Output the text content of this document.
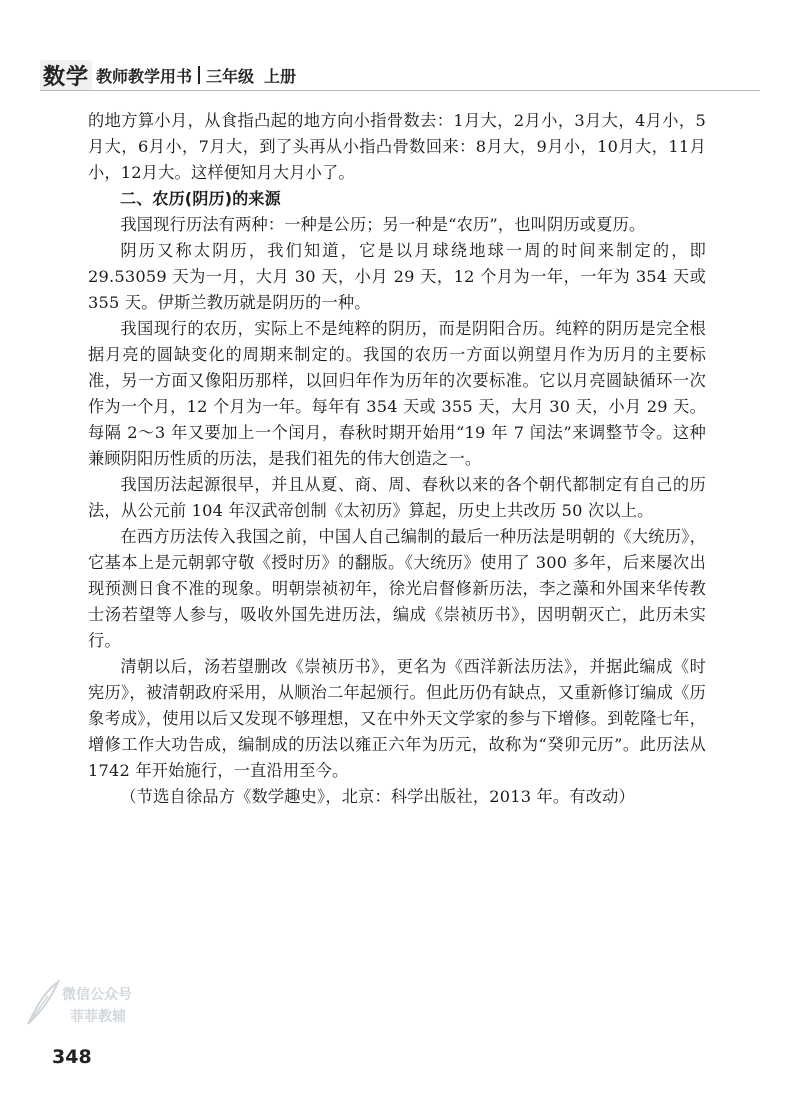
数学 教师教学用书 三年级 上册

的地方算小月，从食指凸起的地方向小指骨数去：1月大，2月小，3月大，4月小，5月大，6月小，7月大，到了头再从小指凸骨数回来：8月大，9月小，10月大，11月小，12月大。这样便知月大月小了。

二、农历(阴历)的来源

我国现行历法有两种：一种是公历；另一种是“农历”，也叫阴历或夏历。

阴历又称太阴历，我们知道，它是以月球绕地球一周的时间来制定的，即 29.53059 天为一月，大月 30 天，小月 29 天，12 个月为一年，一年为 354 天或 355 天。伊斯兰教历就是阴历的一种。

我国现行的农历，实际上不是纯粹的阴历，而是阴阳合历。纯粹的阴历是完全根据月亮的圆缺变化的周期来制定的。我国的农历一方面以朔望月作为历月的主要标准，另一方面又像阳历那样，以回归年作为历年的次要标准。它以月亮圆缺循环一次作为一个月，12 个月为一年。每年有 354 天或 355 天，大月 30 天，小月 29 天。每隔 2～3 年又要加上一个闰月，春秋时期开始用“19 年 7 闰法”来调整节令。这种兼顾阴阳历性质的历法，是我们祖先的伟大创造之一。

我国历法起源很早，并且从夏、商、周、春秋以来的各个朝代都制定有自己的历法，从公元前 104 年汉武帝创制《太初历》算起，历史上共改历 50 次以上。

在西方历法传入我国之前，中国人自己编制的最后一种历法是明朝的《大统历》，它基本上是元朝郭守敬《授时历》的翻版。《大统历》使用了 300 多年，后来屡次出现预测日食不准的现象。明朝崇祯初年，徐光启督修新历法，李之藻和外国来华传教士汤若望等人参与，吸收外国先进历法，编成《崇祯历书》，因明朝灭亡，此历未实行。

清朝以后，汤若望删改《崇祯历书》，更名为《西洋新法历法》，并据此编成《时宪历》，被清朝政府采用，从顺治二年起颁行。但此历仍有缺点，又重新修订编成《历象考成》，使用以后又发现不够理想，又在中外天文学家的参与下增修。到乾隆七年，增修工作大功告成，编制成的历法以雍正六年为历元，故称为“癸卯元历”。此历法从 1742 年开始施行，一直沿用至今。

（节选自徐品方《数学趣史》，北京：科学出版社，2013 年。有改动）

微信公众号
菲菲教辅
348
